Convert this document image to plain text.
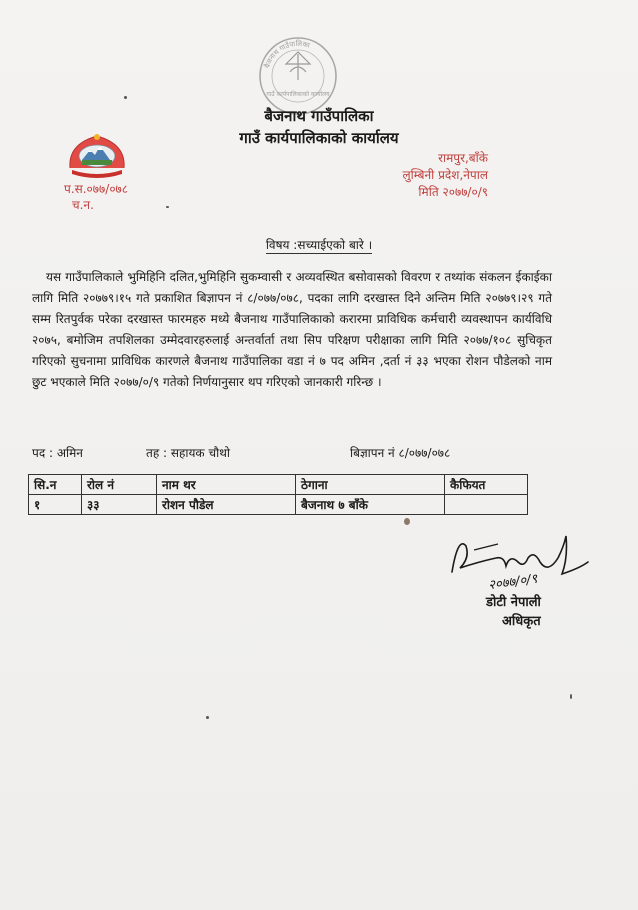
बैजनाथ गाउँपालिका
गाउँ कार्यपालिकाको कार्यालय
बैजनाथ गाउँपालिका
गाउँ कार्यपालिकाको कार्यालय
प.स.०७७/०७८
च.न.
रामपुर,बाँके
लुम्बिनी प्रदेश,नेपाल
मिति २०७७/०/९
विषय :सच्याईएको बारे ।
यस गाउँपालिकाले भुमिहिनि दलित,भुमिहिनि सुकम्वासी र अव्यवस्थित बसोवासको विवरण र तथ्यांक संकलन ईकाईका लागि मिति २०७७९।१५ गते प्रकाशित बिज्ञापन नं ८/०७७/०७८, पदका लागि दरखास्त दिने अन्तिम मिति २०७७९।२९ गते सम्म रितपुर्वक परेका दरखास्त फारमहरु मध्ये बैजनाथ गाउँपालिकाको करारमा प्राविधिक कर्मचारी व्यवस्थापन कार्यविधि २०७५, बमोजिम तपशिलका उम्मेदवारहरुलाई अन्तर्वार्ता तथा सिप परिक्षण परीक्षाका लागि मिति २०७७/१०८ सुचिकृत गरिएको सुचनामा प्राविधिक कारणले बैजनाथ गाउँपालिका वडा नं ७ पद अमिन ,दर्ता नं ३३ भएका रोशन पौडेलको नाम छुट भएकाले मिति २०७७/०/९ गतेको निर्णयानुसार थप गरिएको जानकारी गरिन्छ ।
पद : अमिन	तह : सहायक चौथो	बिज्ञापन नं ८/०७७/०७८
सि.न	रोल नं	नाम थर	ठेगाना	कैफियत
१	३३	रोशन पौडेल	बैजनाथ ७ बाँके	
२०७७/०/९
डोटी नेपाली
अधिकृत
